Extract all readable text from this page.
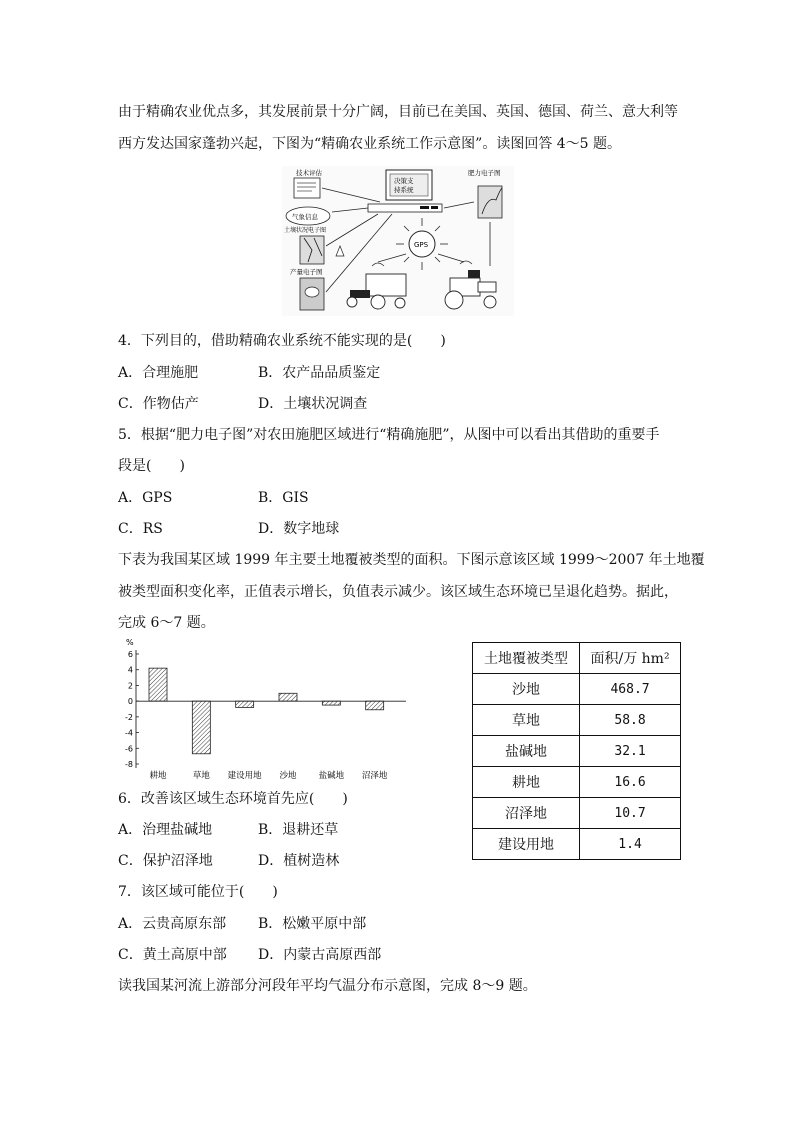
由于精确农业优点多，其发展前景十分广阔，目前已在美国、英国、德国、荷兰、意大利等
西方发达国家蓬勃兴起，下图为“精确农业系统工作示意图”。读图回答 4～5 题。
技术评估
决策支
持系统
肥力电子图
气象信息
土壤状况电子图
产量电子图
GPS
4．下列目的，借助精确农业系统不能实现的是(　　)
A．合理施肥	B．农产品品质鉴定
C．作物估产	D．土壤状况调查
5．根据“肥力电子图”对农田施肥区域进行“精确施肥”，从图中可以看出其借助的重要手
段是(　　)
A．GPS	B．GIS
C．RS	D．数字地球
下表为我国某区域 1999 年主要土地覆被类型的面积。下图示意该区域 1999～2007 年土地覆
被类型面积变化率，正值表示增长，负值表示减少。该区域生态环境已呈退化趋势。据此，
完成 6～7 题。
%
6
4
2
0
-2
-4
-6
-8
耕地	草地 建设用地 沙地	盐碱地 沼泽地
土地覆被类型	面积/万 hm²
沙地	468.7
草地	58.8
盐碱地	32.1
耕地	16.6
沼泽地	10.7
建设用地	1.4
6．改善该区域生态环境首先应(　　)
A．治理盐碱地	B．退耕还草
C．保护沼泽地	D．植树造林
7．该区域可能位于(　　)
A．云贵高原东部 B．松嫩平原中部
C．黄土高原中部 D．内蒙古高原西部
读我国某河流上游部分河段年平均气温分布示意图，完成 8～9 题。
